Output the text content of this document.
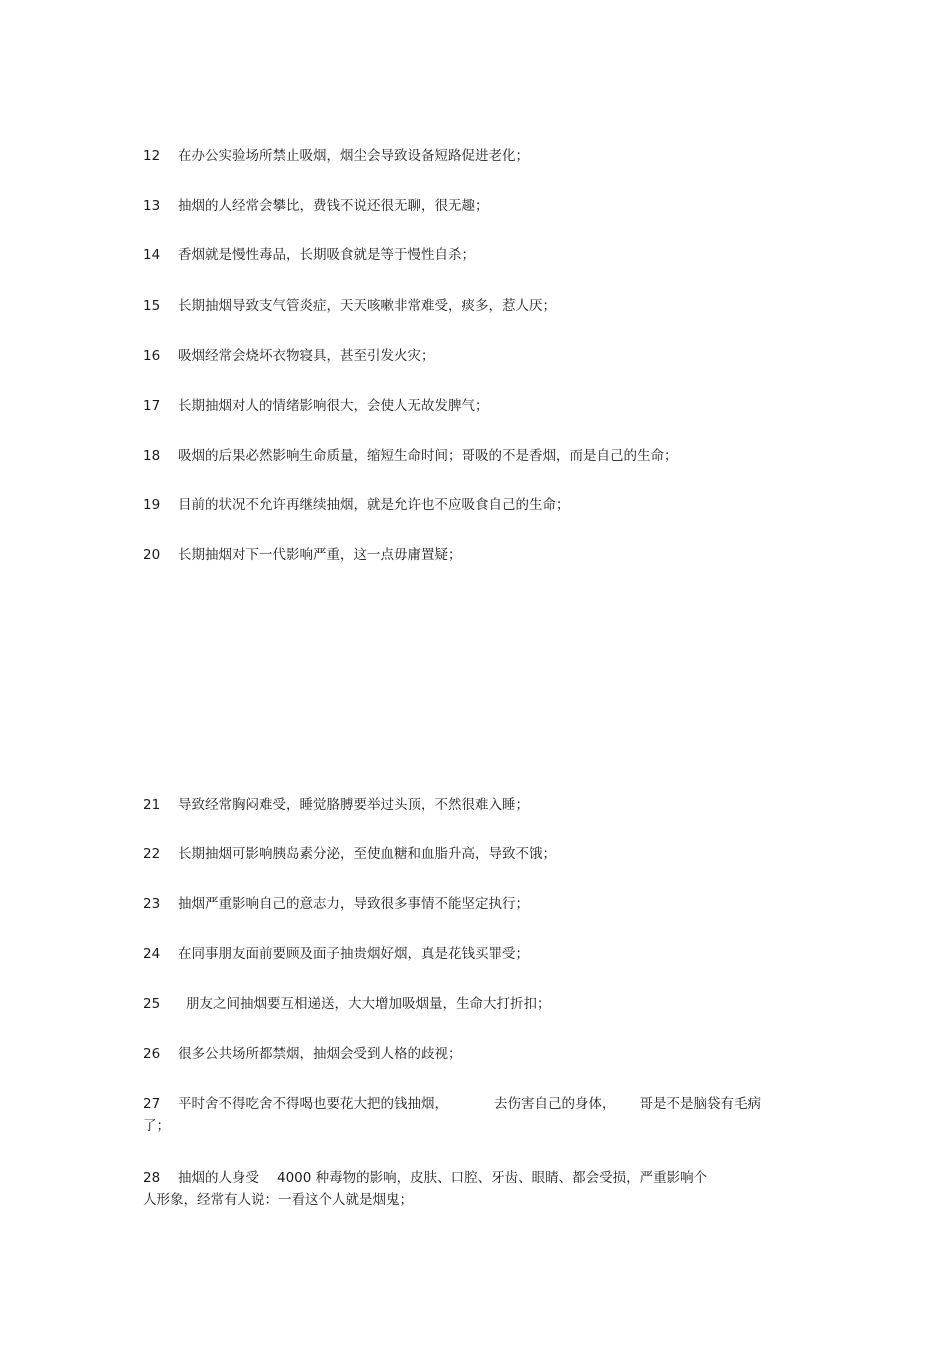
12 在办公实验场所禁止吸烟，烟尘会导致设备短路促进老化；
13 抽烟的人经常会攀比，费钱不说还很无聊，很无趣；
14 香烟就是慢性毒品，长期吸食就是等于慢性自杀；
15 长期抽烟导致支气管炎症，天天咳嗽非常难受，痰多，惹人厌；
16 吸烟经常会烧坏衣物寝具，甚至引发火灾；
17 长期抽烟对人的情绪影响很大，会使人无故发脾气；
18 吸烟的后果必然影响生命质量，缩短生命时间；哥吸的不是香烟，而是自己的生命；
19 目前的状况不允许再继续抽烟，就是允许也不应吸食自己的生命；
20 长期抽烟对下一代影响严重，这一点毋庸置疑；
21 导致经常胸闷难受，睡觉胳膊要举过头顶，不然很难入睡；
22 长期抽烟可影响胰岛素分泌，至使血糖和血脂升高，导致不饿；
23 抽烟严重影响自己的意志力，导致很多事情不能坚定执行；
24 在同事朋友面前要顾及面子抽贵烟好烟，真是花钱买罪受；
25 朋友之间抽烟要互相递送，大大增加吸烟量，生命大打折扣；
26 很多公共场所都禁烟，抽烟会受到人格的歧视；
27 平时舍不得吃舍不得喝也要花大把的钱抽烟，	去伤害自己的身体， 哥是不是脑袋有毛病
了；
28 抽烟的人身受 4000 种毒物的影响，皮肤、口腔、牙齿、眼睛、都会受损，严重影响个
人形象，经常有人说：一看这个人就是烟鬼；
